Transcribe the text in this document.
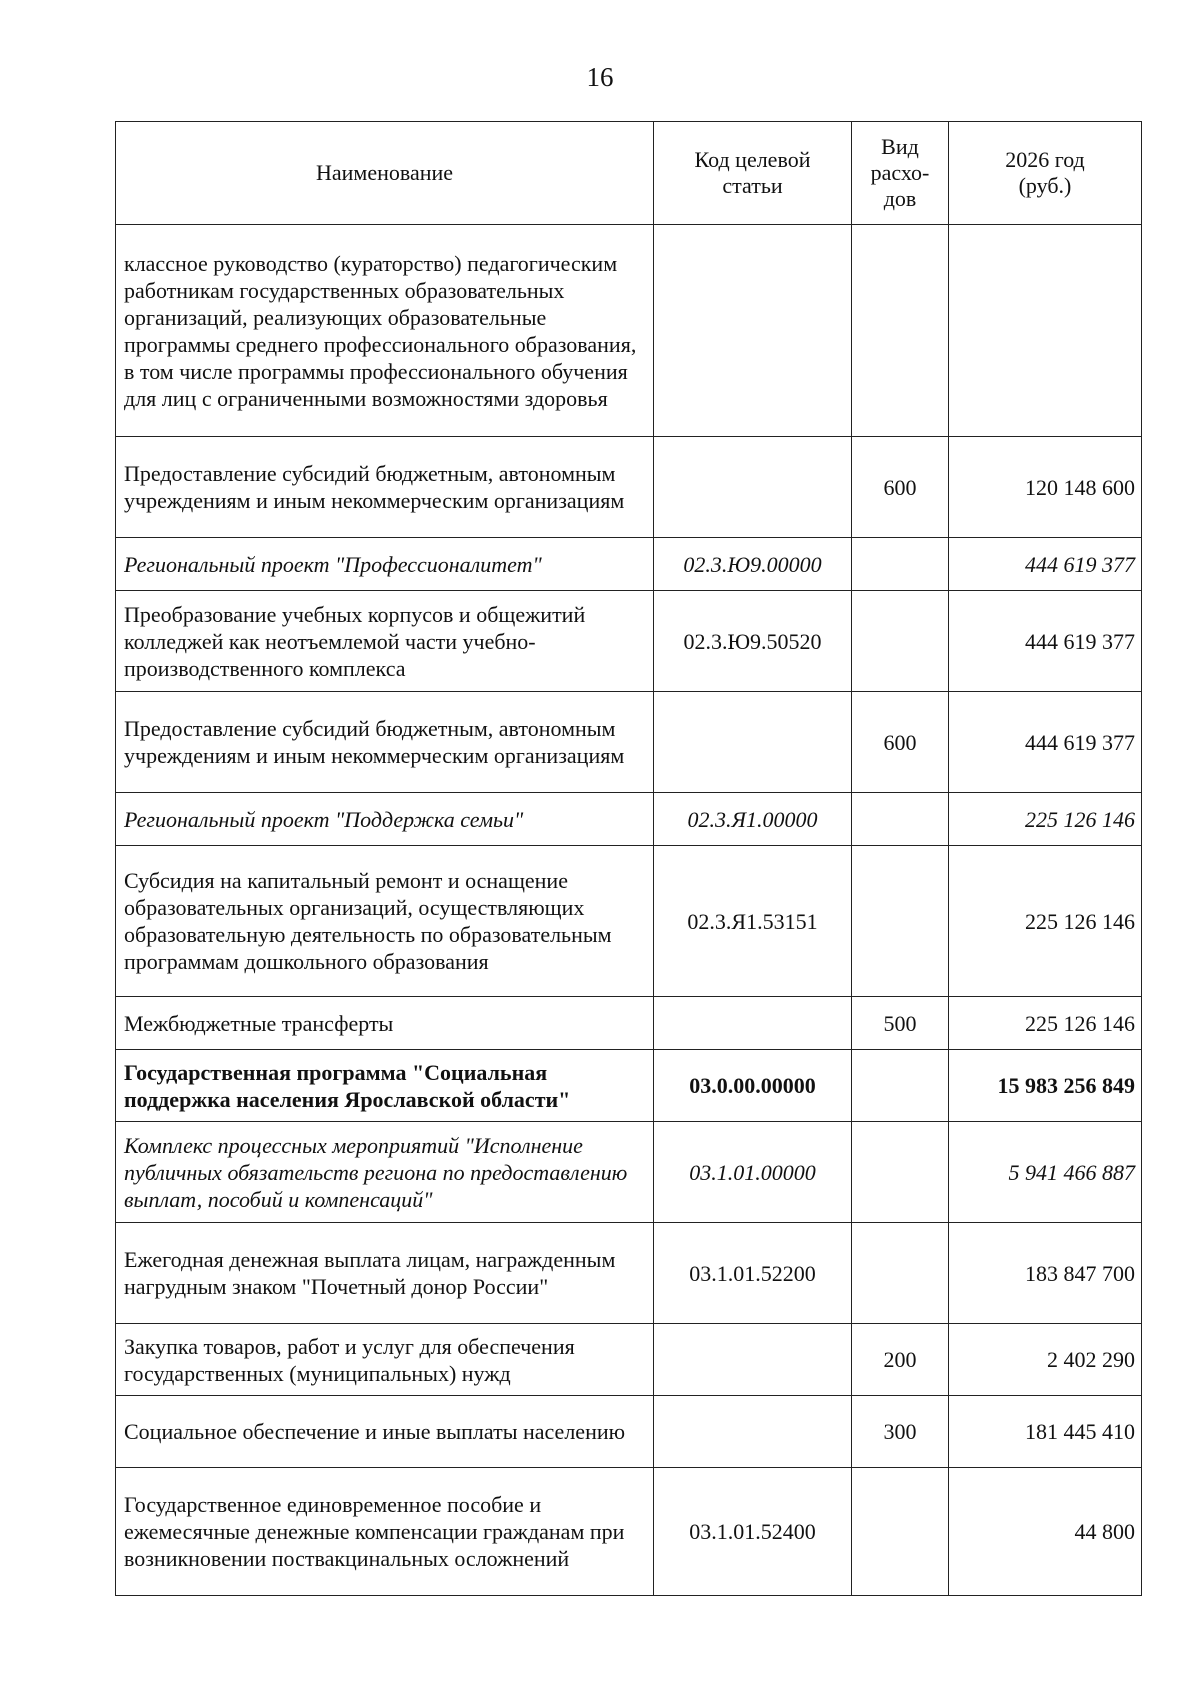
16
Наименование	Код целевой статьи	Вид расхо-дов	2026 год (руб.)

классное руководство (кураторство) педагогическим работникам государственных образовательных организаций, реализующих образовательные программы среднего профессионального образования, в том числе программы профессионального обучения для лиц с ограниченными возможностями здоровья			
Предоставление субсидий бюджетным, автономным учреждениям и иным некоммерческим организациям		600	120 148 600
Региональный проект "Профессионалитет"	02.3.Ю9.00000		444 619 377
Преобразование учебных корпусов и общежитий колледжей как неотъемлемой части учебно-производственного комплекса	02.3.Ю9.50520		444 619 377
Предоставление субсидий бюджетным, автономным учреждениям и иным некоммерческим организациям		600	444 619 377
Региональный проект "Поддержка семьи"	02.3.Я1.00000		225 126 146
Субсидия на капитальный ремонт и оснащение образовательных организаций, осуществляющих образовательную деятельность по образовательным программам дошкольного образования	02.3.Я1.53151		225 126 146
Межбюджетные трансферты		500	225 126 146
Государственная программа "Социальная поддержка населения Ярославской области"	03.0.00.00000		15 983 256 849
Комплекс процессных мероприятий "Исполнение публичных обязательств региона по предоставлению выплат, пособий и компенсаций"	03.1.01.00000		5 941 466 887
Ежегодная денежная выплата лицам, награжденным нагрудным знаком "Почетный донор России"	03.1.01.52200		183 847 700
Закупка товаров, работ и услуг для обеспечения государственных (муниципальных) нужд		200	2 402 290
Социальное обеспечение и иные выплаты населению		300	181 445 410
Государственное единовременное пособие и ежемесячные денежные компенсации гражданам при возникновении поствакцинальных осложнений	03.1.01.52400		44 800
